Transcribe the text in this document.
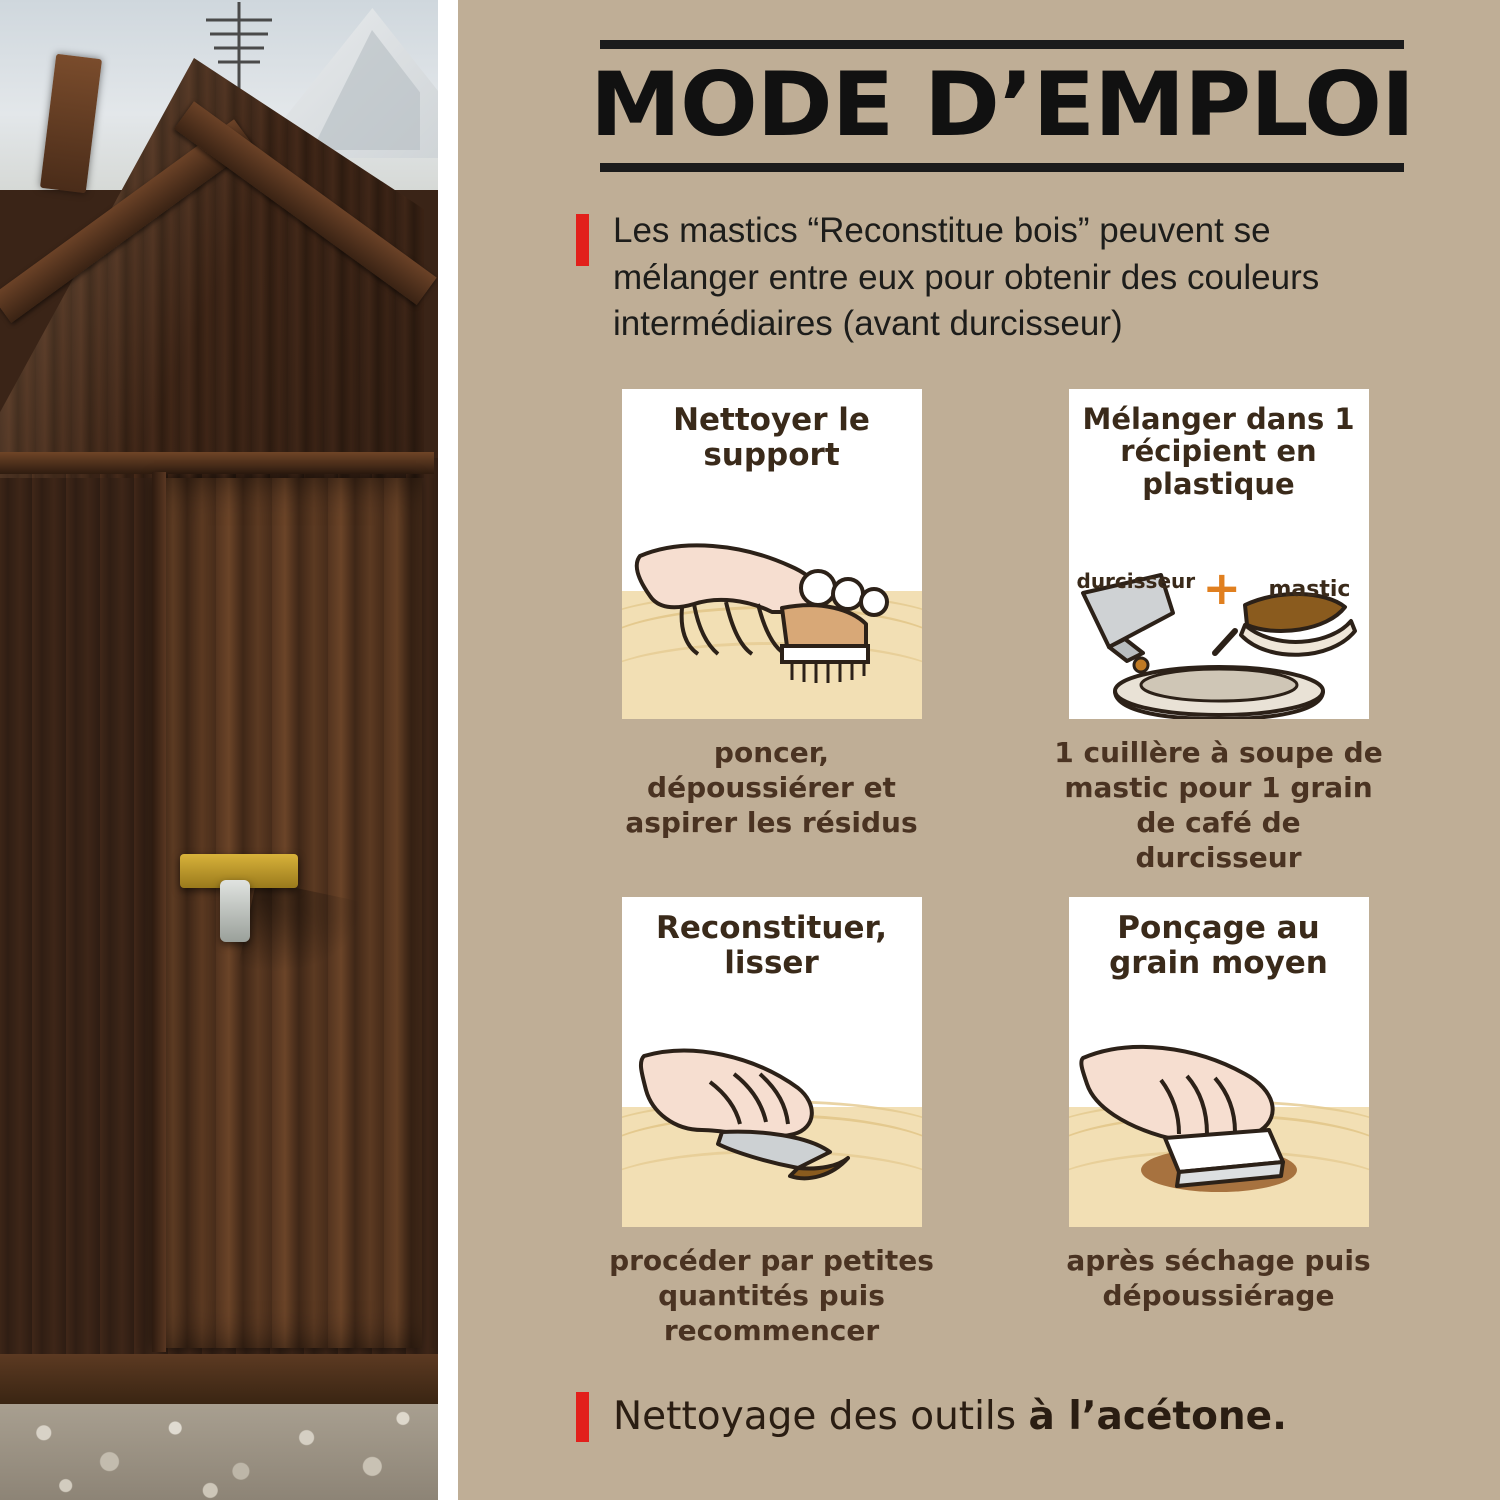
MODE D’EMPLOI
Les mastics “Reconstitue bois” peuvent se mélanger entre eux pour obtenir des couleurs intermédiaires (avant durcisseur)
Nettoyer le support
poncer, dépoussiérer et aspirer les résidus
Mélanger dans 1 récipient en plastique
durcisseur + mastic
1 cuillère à soupe de mastic pour 1 grain de café de durcisseur
Reconstituer, lisser
procéder par petites quantités puis recommencer
Ponçage au grain moyen
après séchage puis dépoussiérage
Nettoyage des outils à l’acétone.
